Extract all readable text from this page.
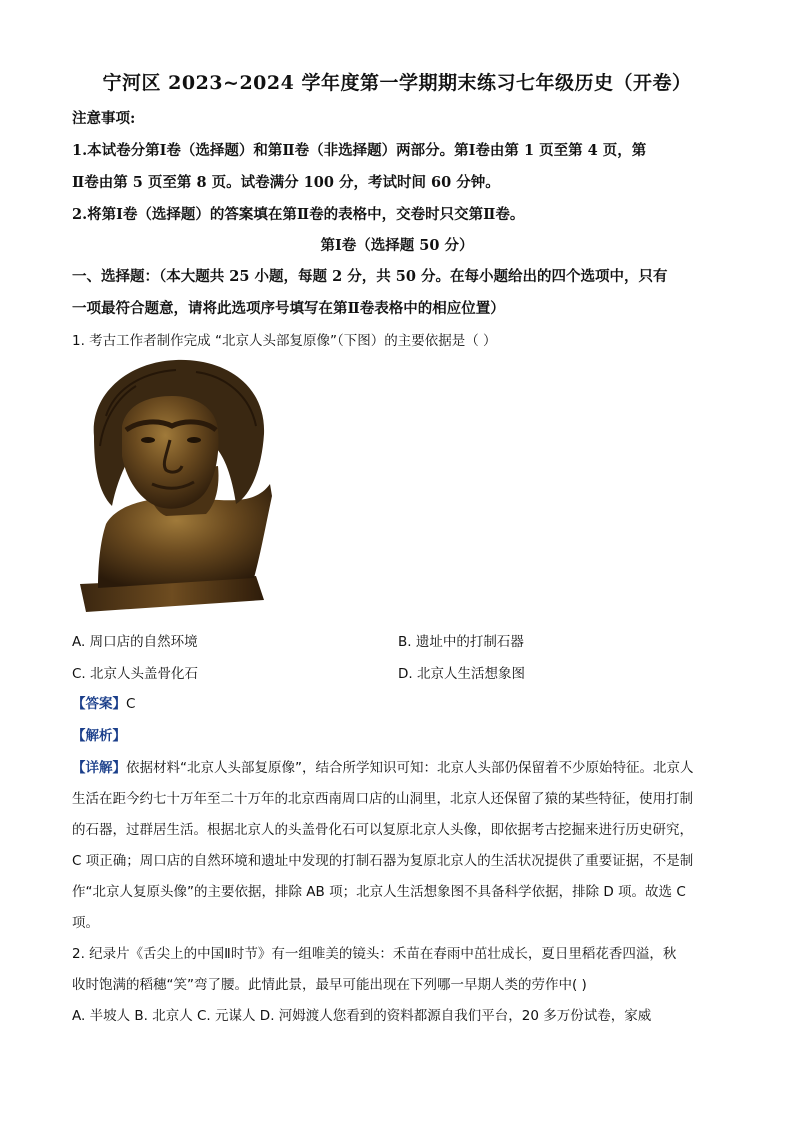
宁河区 2023~2024 学年度第一学期期末练习七年级历史（开卷）
注意事项:
1.本试卷分第Ⅰ卷（选择题）和第Ⅱ卷（非选择题）两部分。第Ⅰ卷由第 1 页至第 4 页，第
Ⅱ卷由第 5 页至第 8 页。试卷满分 100 分，考试时间 60 分钟。
2.将第Ⅰ卷（选择题）的答案填在第Ⅱ卷的表格中，交卷时只交第Ⅱ卷。
第Ⅰ卷（选择题 50 分）
一、选择题：（本大题共 25 小题，每题 2 分，共 50 分。在每小题给出的四个选项中，只有
一项最符合题意，请将此选项序号填写在第Ⅱ卷表格中的相应位置）
1. 考古工作者制作完成 “北京人头部复原像”（下图）的主要依据是（ ）
A. 周口店的自然环境	B. 遗址中的打制石器
C. 北京人头盖骨化石	D. 北京人生活想象图
【答案】C
【解析】
【详解】依据材料“北京人头部复原像”，结合所学知识可知：北京人头部仍保留着不少原始特征。北京人
生活在距今约七十万年至二十万年的北京西南周口店的山洞里，北京人还保留了猿的某些特征，使用打制
的石器，过群居生活。根据北京人的头盖骨化石可以复原北京人头像，即依据考古挖掘来进行历史研究，
C 项正确；周口店的自然环境和遗址中发现的打制石器为复原北京人的生活状况提供了重要证据，不是制
作“北京人复原头像”的主要依据，排除 AB 项；北京人生活想象图不具备科学依据，排除 D 项。故选 C
项。
2. 纪录片《舌尖上的中国Ⅱ时节》有一组唯美的镜头：禾苗在春雨中茁壮成长，夏日里稻花香四溢，秋
收时饱满的稻穗“笑”弯了腰。此情此景，最早可能出现在下列哪一早期人类的劳作中( )
A. 半坡人 B. 北京人 C. 元谋人 D. 河姆渡人您看到的资料都源自我们平台，20 多万份试卷，家威
